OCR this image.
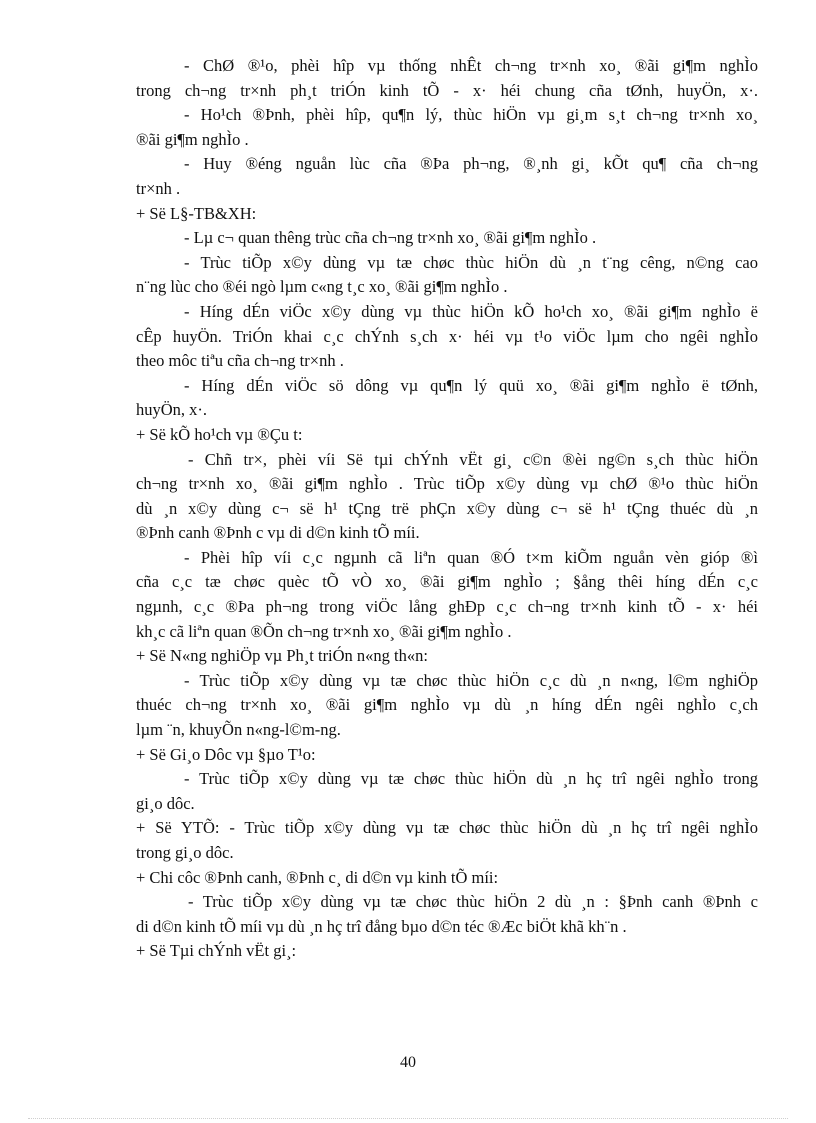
- ChØ ®¹o, phèi hîp vµ thống nhÊt ch¬ng tr×nh xo¸ ®ãi gi¶m nghÌo
trong ch¬ng tr×nh ph¸t triÓn kinh tÕ - x· héi chung cña tØnh, huyÖn, x·.
- Ho¹ch ®Þnh, phèi hîp, qu¶n lý, thùc hiÖn vµ gi¸m s¸t ch¬ng tr×nh xo¸
®ãi gi¶m nghÌo .
- Huy ®éng nguån lùc cña ®Þa ph¬ng, ®¸nh gi¸ kÕt qu¶ cña ch¬ng
tr×nh .
+ Së L§-TB&XH:
- Lµ c¬ quan thêng trùc cña ch¬ng tr×nh xo¸ ®ãi gi¶m nghÌo .
- Trùc tiÕp x©y dùng vµ tæ chøc thùc hiÖn dù ¸n t¨ng cêng, n©ng cao
n¨ng lùc cho ®éi ngò lµm c«ng t¸c xo¸ ®ãi gi¶m nghÌo .
- Híng dÉn viÖc x©y dùng vµ thùc hiÖn kÕ ho¹ch xo¸ ®ãi gi¶m nghÌo ë
cÊp huyÖn. TriÓn khai c¸c chÝnh s¸ch x· héi vµ t¹o viÖc lµm cho ngêi nghÌo
theo môc tiªu cña ch¬ng tr×nh .
- Híng dÉn viÖc sö dông vµ qu¶n lý quü xo¸ ®ãi gi¶m nghÌo ë tØnh,
huyÖn, x·.
+ Së kÕ ho¹ch vµ ®Çu t:
- Chñ tr×, phèi víi Së tµi chÝnh vËt gi¸ c©n ®èi ng©n s¸ch thùc hiÖn
ch¬ng tr×nh xo¸ ®ãi gi¶m nghÌo . Trùc tiÕp x©y dùng vµ chØ ®¹o thùc hiÖn
dù ¸n x©y dùng c¬ së h¹ tÇng trë phÇn x©y dùng c¬ së h¹ tÇng thuéc dù ¸n
®Þnh canh ®Þnh c vµ di d©n kinh tÕ míi.
- Phèi hîp víi c¸c ngµnh cã liªn quan ®Ó t×m kiÕm nguån vèn gióp ®ì
cña c¸c tæ chøc quèc tÕ vÒ xo¸ ®ãi gi¶m nghÌo ; §ång thêi híng dÉn c¸c
ngµnh, c¸c ®Þa ph¬ng trong viÖc lång ghÐp c¸c ch¬ng tr×nh kinh tÕ - x· héi
kh¸c cã liªn quan ®Õn ch¬ng tr×nh xo¸ ®ãi gi¶m nghÌo .
+ Së N«ng nghiÖp vµ Ph¸t triÓn n«ng th«n:
- Trùc tiÕp x©y dùng vµ tæ chøc thùc hiÖn c¸c dù ¸n n«ng, l©m nghiÖp
thuéc ch¬ng tr×nh xo¸ ®ãi gi¶m nghÌo vµ dù ¸n híng dÉn ngêi nghÌo c¸ch
lµm ¨n, khuyÕn n«ng-l©m-ng.
+ Së Gi¸o Dôc vµ §µo T¹o:
- Trùc tiÕp x©y dùng vµ tæ chøc thùc hiÖn dù ¸n hç trî ngêi nghÌo trong
gi¸o dôc.
+ Së YTÕ: - Trùc tiÕp x©y dùng vµ tæ chøc thùc hiÖn dù ¸n hç trî ngêi nghÌo
trong gi¸o dôc.
+ Chi côc ®Þnh canh, ®Þnh c¸ di d©n vµ kinh tÕ míi:
- Trùc tiÕp x©y dùng vµ tæ chøc thùc hiÖn 2 dù ¸n : §Þnh canh ®Þnh c
di d©n kinh tÕ míi vµ dù ¸n hç trî đång bµo d©n téc ®Æc biÖt khã kh¨n .
+ Së Tµi chÝnh vËt gi¸:
40
